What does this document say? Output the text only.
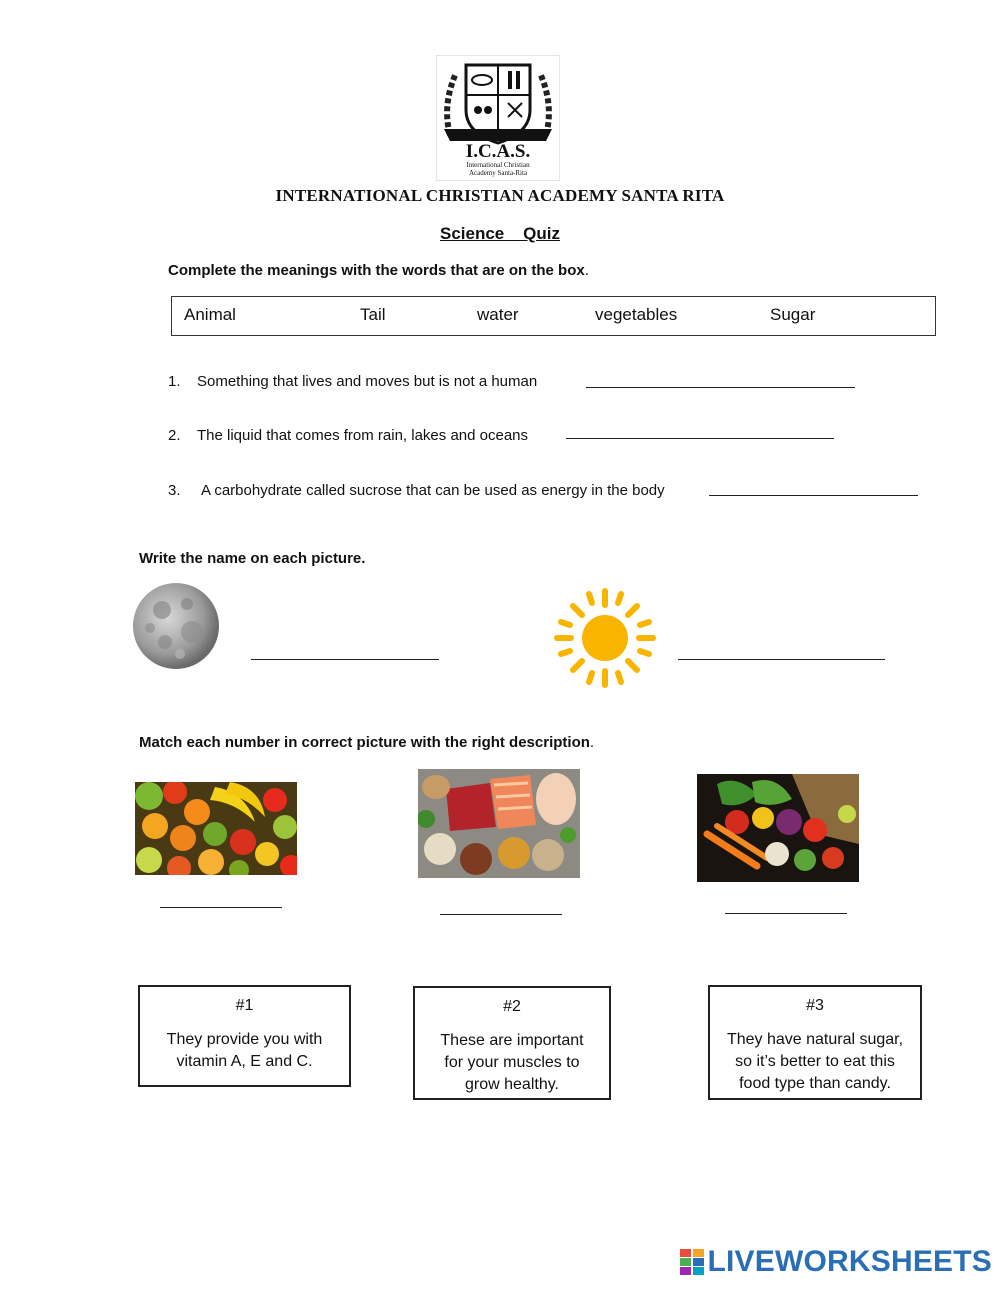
I.C.A.S.
International Christian
Academy Santa-Rita
INTERNATIONAL CHRISTIAN ACADEMY SANTA RITA
Science    Quiz
Complete the meanings with the words that are on the box.
Animal	Tail	water	vegetables	Sugar
1. Something that lives and moves but is not a human
2. The liquid that comes from rain, lakes and oceans
3. A carbohydrate called sucrose that can be used as energy in the body
Write the name on each picture.
Match each number in correct picture with the right description.
#1
They provide you with vitamin A, E and C.
#2
These are important for your muscles to grow healthy.
#3
They have natural sugar, so it’s better to eat this food type than candy.
LIVEWORKSHEETS
